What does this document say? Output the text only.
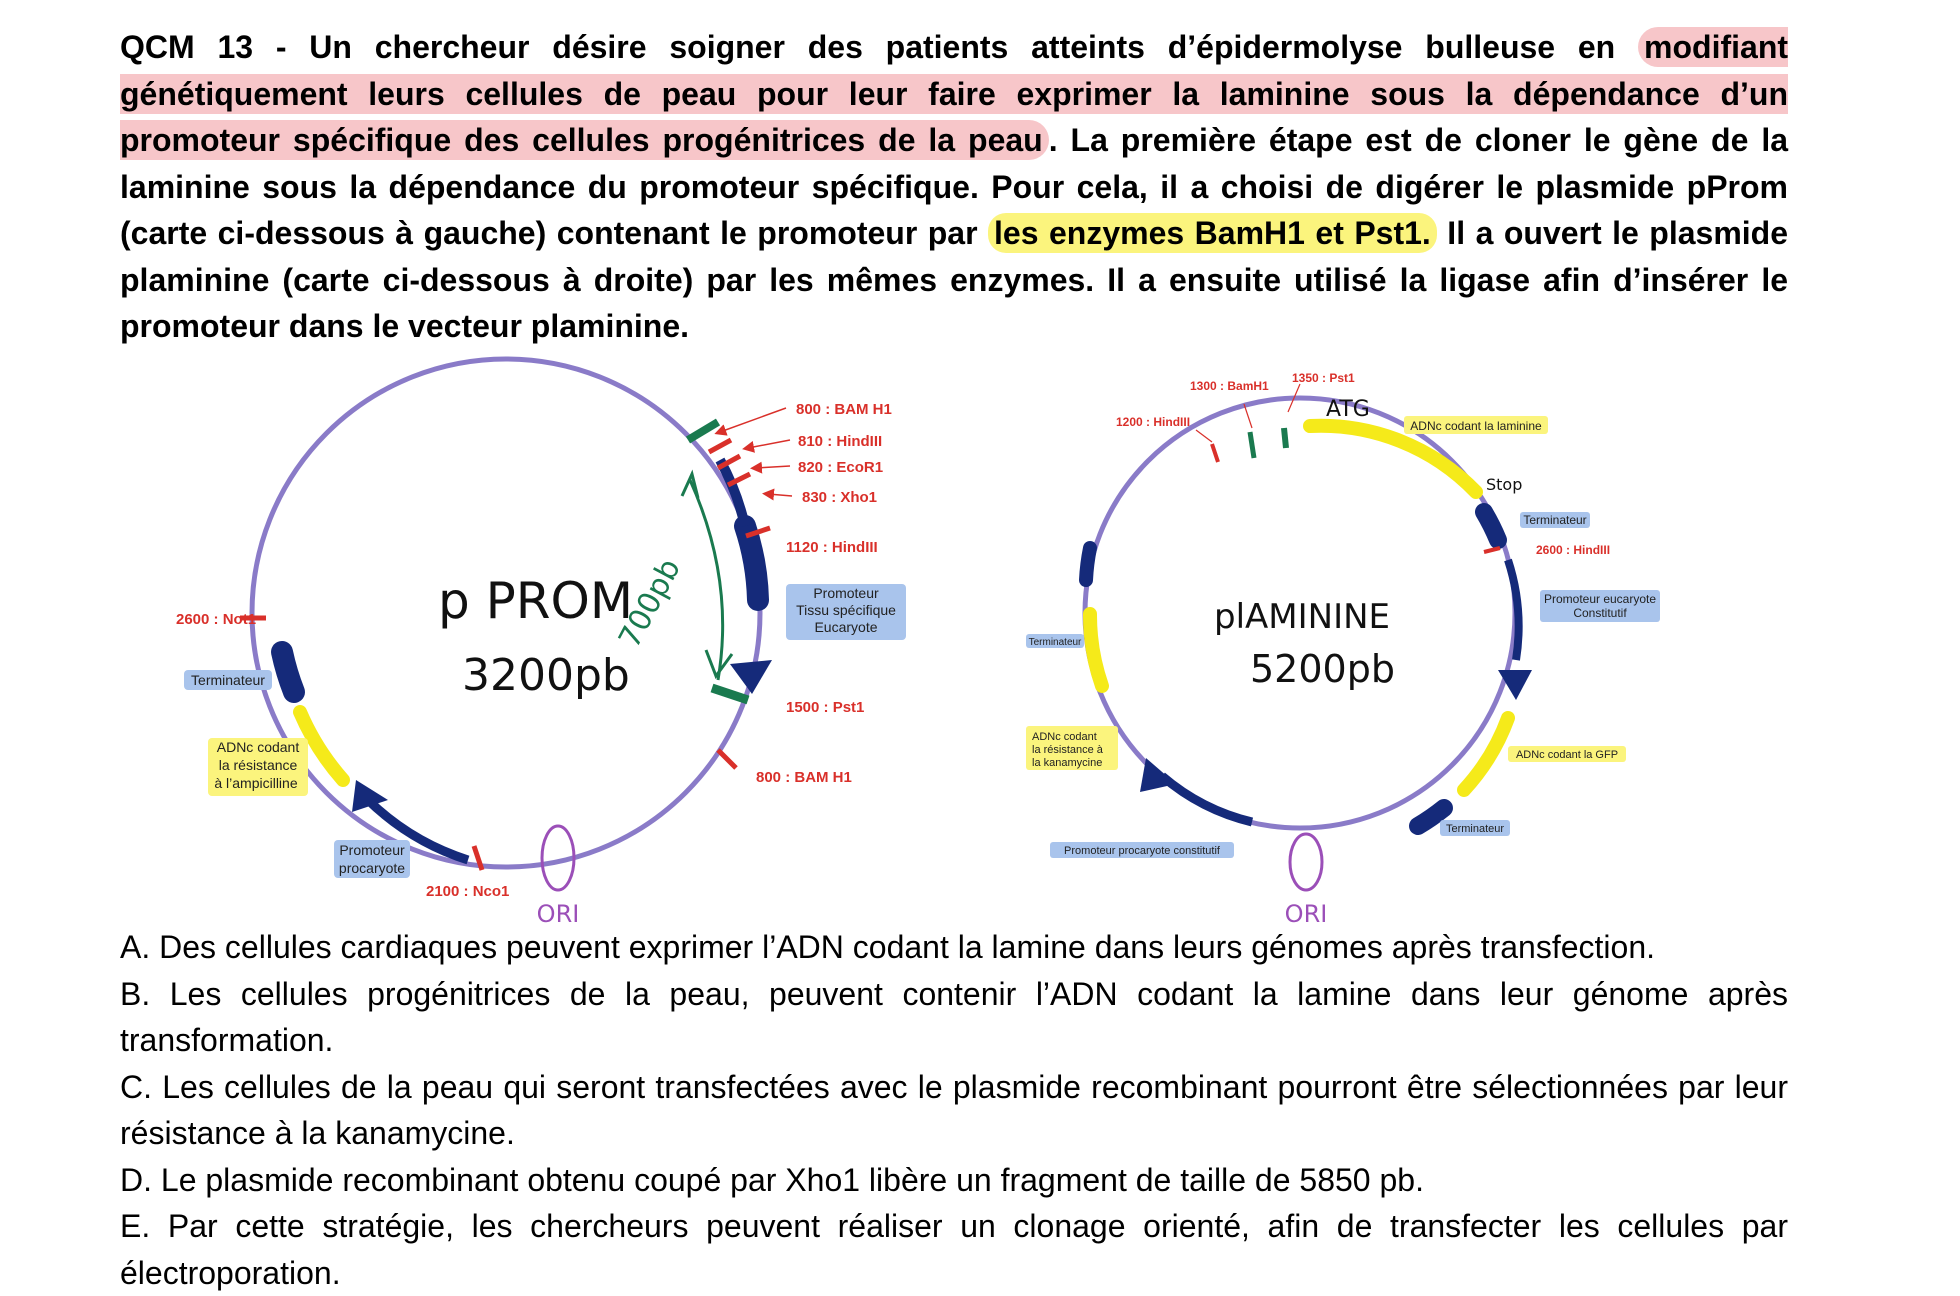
QCM 13 - Un chercheur désire soigner des patients atteints d’épidermolyse bulleuse en modifiant génétiquement leurs cellules de peau pour leur faire exprimer la laminine sous la dépendance d’un promoteur spécifique des cellules progénitrices de la peau . La première étape est de cloner le gène de la laminine sous la dépendance du promoteur spécifique. Pour cela, il a choisi de digérer le plasmide pProm (carte ci-dessous à gauche) contenant le promoteur par les enzymes BamH1 et Pst1. Il a ouvert le plasmide plaminine (carte ci-dessous à droite) par les mêmes enzymes. Il a ensuite utilisé la ligase afin d’insérer le promoteur dans le vecteur plaminine.
800 : BAM H1
810 : HindIII
820 : EcoR1
830 : Xho1
1120 : HindIII
1500 : Pst1
800 : BAM H1
2600 : Not1
2100 : Nco1
Promoteur
Tissu spécifique
Eucaryote
Terminateur
ADNc codant
la résistance
à l’ampicilline
Promoteur
procaryote
ORI
p PROM
3200pb
700pb
1300 : BamH1
1350 : Pst1
1200 : HindIII
2600 : HindIII
ATG
Stop
ADNc codant la laminine
Terminateur
Promoteur eucaryote
Constitutif
Terminateur
ADNc codant
la résistance à
la kanamycine
ADNc codant la GFP
Terminateur
Promoteur procaryote constitutif
ORI
plAMININE
5200pb

A. Des cellules cardiaques peuvent exprimer l’ADN codant la lamine dans leurs génomes après transfection.

B. Les cellules progénitrices de la peau, peuvent contenir l’ADN codant la lamine dans leur génome après transformation.

C. Les cellules de la peau qui seront transfectées avec le plasmide recombinant pourront être sélectionnées par leur résistance à la kanamycine.

D. Le plasmide recombinant obtenu coupé par Xho1 libère un fragment de taille de 5850 pb.

E. Par cette stratégie, les chercheurs peuvent réaliser un clonage orienté, afin de transfecter les cellules par électroporation.
